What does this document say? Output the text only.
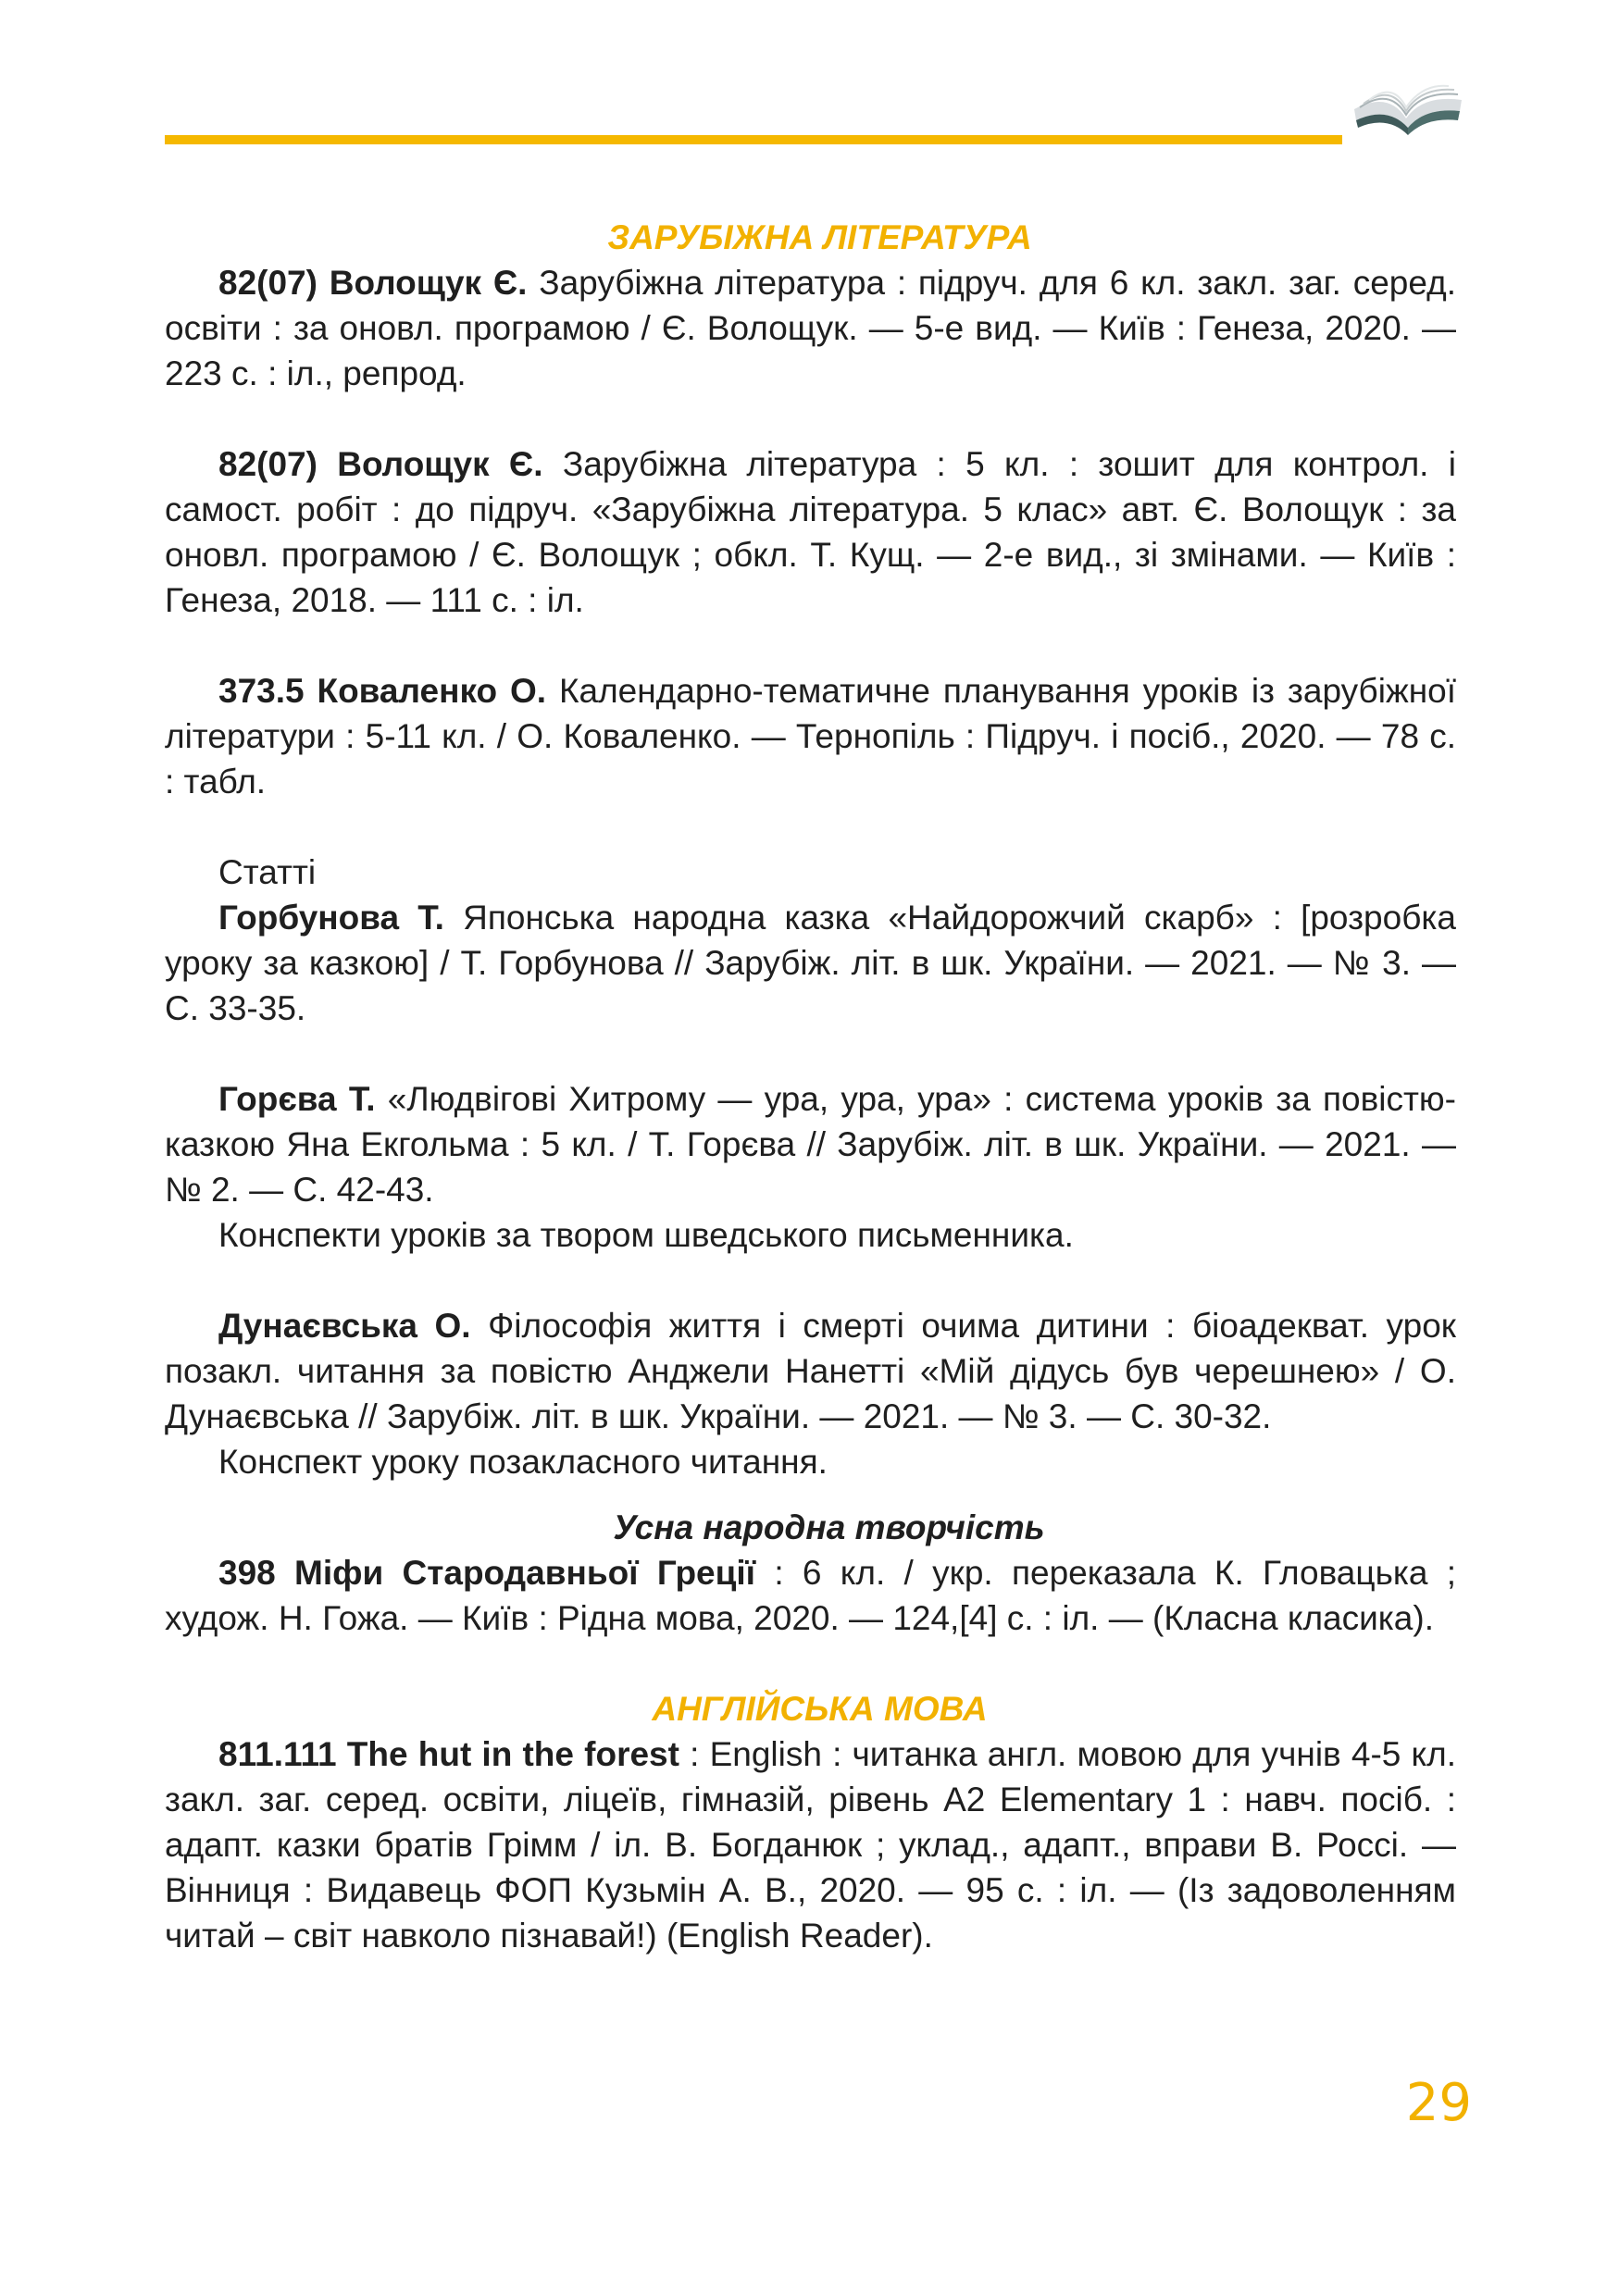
ЗАРУБІЖНА ЛІТЕРАТУРА

82(07) Волощук Є. Зарубіжна література : підруч. для 6 кл. закл. заг. серед. освіти : за оновл. програмою / Є. Волощук. — 5-е вид. — Київ : Генеза, 2020. — 223 с. : іл., репрод.

82(07) Волощук Є. Зарубіжна література : 5 кл. : зошит для контрол. і самост. робіт : до підруч. «Зарубіжна література. 5 клас» авт. Є. Волощук : за оновл. програмою / Є. Волощук ; обкл. Т. Кущ. — 2-е вид., зі змінами. — Київ : Генеза, 2018. — 111 с. : іл.

373.5 Коваленко О. Календарно-тематичне планування уроків із зарубіжної літератури : 5-11 кл. / О. Коваленко. — Тернопіль : Підруч. і посіб., 2020. — 78 с. : табл.

Статті

Горбунова Т. Японська народна казка «Найдорожчий скарб» : [розробка уроку за казкою] / Т. Горбунова // Зарубіж. літ. в шк. України. — 2021. — № 3. — С. 33-35.

Горєва Т. «Людвігові Хитрому — ура, ура, ура» : система уроків за повістю-казкою Яна Екгольма : 5 кл. / Т. Горєва // Зарубіж. літ. в шк. України. — 2021. — № 2. — С. 42-43.

Конспекти уроків за твором шведського письменника.

Дунаєвська О. Філософія життя і смерті очима дитини : біоадекват. урок позакл. читання за повістю Анджели Нанетті «Мій дідусь був черешнею» / О. Дунаєвська // Зарубіж. літ. в шк. України. — 2021. — № 3. — С. 30-32.

Конспект уроку позакласного читання.

Усна народна творчість

398 Міфи Стародавньої Греції : 6 кл. / укр. переказала К. Гловацька ; худож. Н. Гожа. — Київ : Рідна мова, 2020. — 124,[4] с. : іл. — (Класна класика).

АНГЛІЙСЬКА МОВА

811.111 The hut in the forest : English : читанка англ. мовою для учнів 4-5 кл. закл. заг. серед. освіти, ліцеїв, гімназій, рівень А2 Elementary 1 : навч. посіб. : адапт. казки братів Грімм / іл. В. Богданюк ; уклад., адапт., вправи В. Россі. — Вінниця : Видавець ФОП Кузьмін А. В., 2020. — 95 с. : іл. — (Із задоволенням читай – світ навколо пізнавай!) (English Reader).

29
